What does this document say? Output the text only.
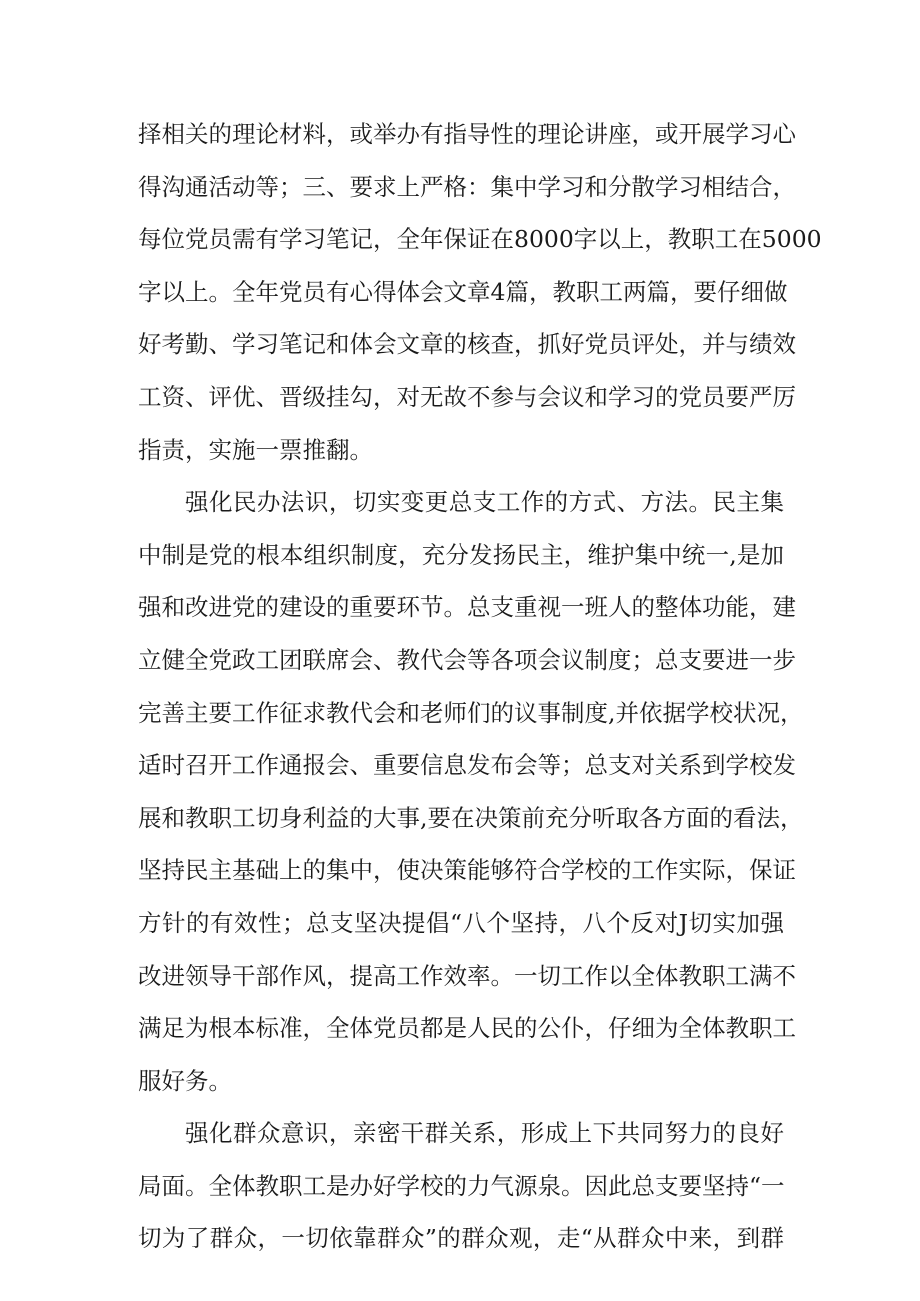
择相关的理论材料，或举办有指导性的理论讲座，或开展学习心
得沟通活动等；三、要求上严格：集中学习和分散学习相结合，
每位党员需有学习笔记，全年保证在8000字以上，教职工在5000
字以上。全年党员有心得体会文章4篇，教职工两篇，要仔细做
好考勤、学习笔记和体会文章的核查，抓好党员评处，并与绩效
工资、评优、晋级挂勾，对无故不参与会议和学习的党员要严厉
指责，实施一票推翻。
强化民办法识，切实变更总支工作的方式、方法。民主集
中制是党的根本组织制度，充分发扬民主，维护集中统一,是加
强和改进党的建设的重要环节。总支重视一班人的整体功能，建
立健全党政工团联席会、教代会等各项会议制度；总支要进一步
完善主要工作征求教代会和老师们的议事制度,并依据学校状况，
适时召开工作通报会、重要信息发布会等；总支对关系到学校发
展和教职工切身利益的大事,要在决策前充分听取各方面的看法，
坚持民主基础上的集中，使决策能够符合学校的工作实际，保证
方针的有效性；总支坚决提倡“八个坚持，八个反对J切实加强
改进领导干部作风，提高工作效率。一切工作以全体教职工满不
满足为根本标准，全体党员都是人民的公仆，仔细为全体教职工
服好务。
强化群众意识，亲密干群关系，形成上下共同努力的良好
局面。全体教职工是办好学校的力气源泉。因此总支要坚持“一
切为了群众，一切依靠群众”的群众观，走“从群众中来，到群
